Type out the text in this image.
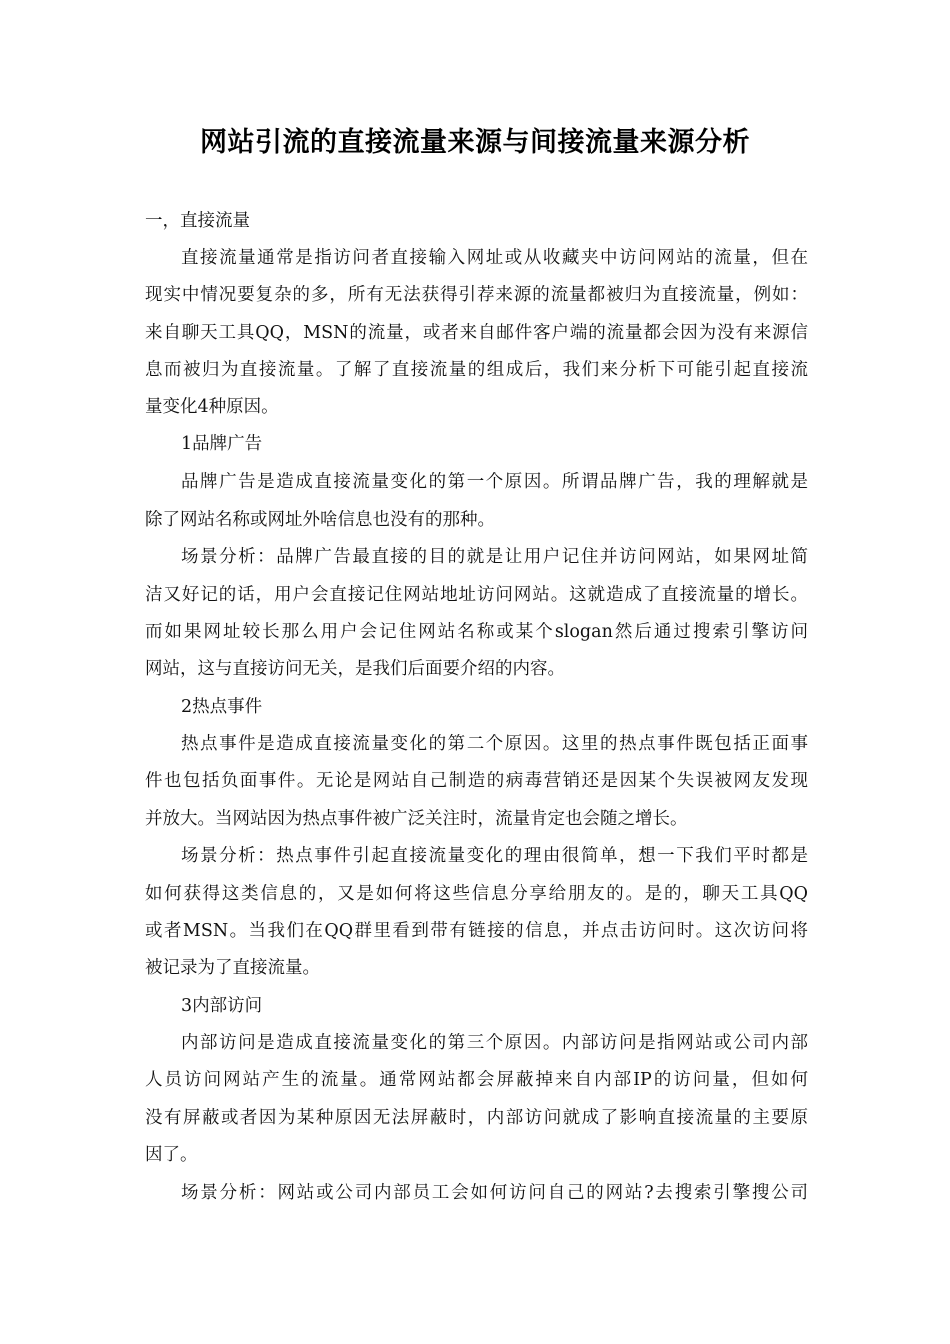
网站引流的直接流量来源与间接流量来源分析

一，直接流量

直接流量通常是指访问者直接输入网址或从收藏夹中访问网站的流量，但在

现实中情况要复杂的多，所有无法获得引荐来源的流量都被归为直接流量，例如：

来自聊天工具QQ，MSN的流量，或者来自邮件客户端的流量都会因为没有来源信

息而被归为直接流量。了解了直接流量的组成后，我们来分析下可能引起直接流

量变化4种原因。

1品牌广告

品牌广告是造成直接流量变化的第一个原因。所谓品牌广告，我的理解就是

除了网站名称或网址外啥信息也没有的那种。

场景分析：品牌广告最直接的目的就是让用户记住并访问网站，如果网址简

洁又好记的话，用户会直接记住网站地址访问网站。这就造成了直接流量的增长。

而如果网址较长那么用户会记住网站名称或某个slogan然后通过搜索引擎访问

网站，这与直接访问无关，是我们后面要介绍的内容。

2热点事件

热点事件是造成直接流量变化的第二个原因。这里的热点事件既包括正面事

件也包括负面事件。无论是网站自己制造的病毒营销还是因某个失误被网友发现

并放大。当网站因为热点事件被广泛关注时，流量肯定也会随之增长。

场景分析：热点事件引起直接流量变化的理由很简单，想一下我们平时都是

如何获得这类信息的，又是如何将这些信息分享给朋友的。是的，聊天工具QQ

或者MSN。当我们在QQ群里看到带有链接的信息，并点击访问时。这次访问将

被记录为了直接流量。

3内部访问

内部访问是造成直接流量变化的第三个原因。内部访问是指网站或公司内部

人员访问网站产生的流量。通常网站都会屏蔽掉来自内部IP的访问量，但如何

没有屏蔽或者因为某种原因无法屏蔽时，内部访问就成了影响直接流量的主要原

因了。

场景分析：网站或公司内部员工会如何访问自己的网站?去搜索引擎搜公司
